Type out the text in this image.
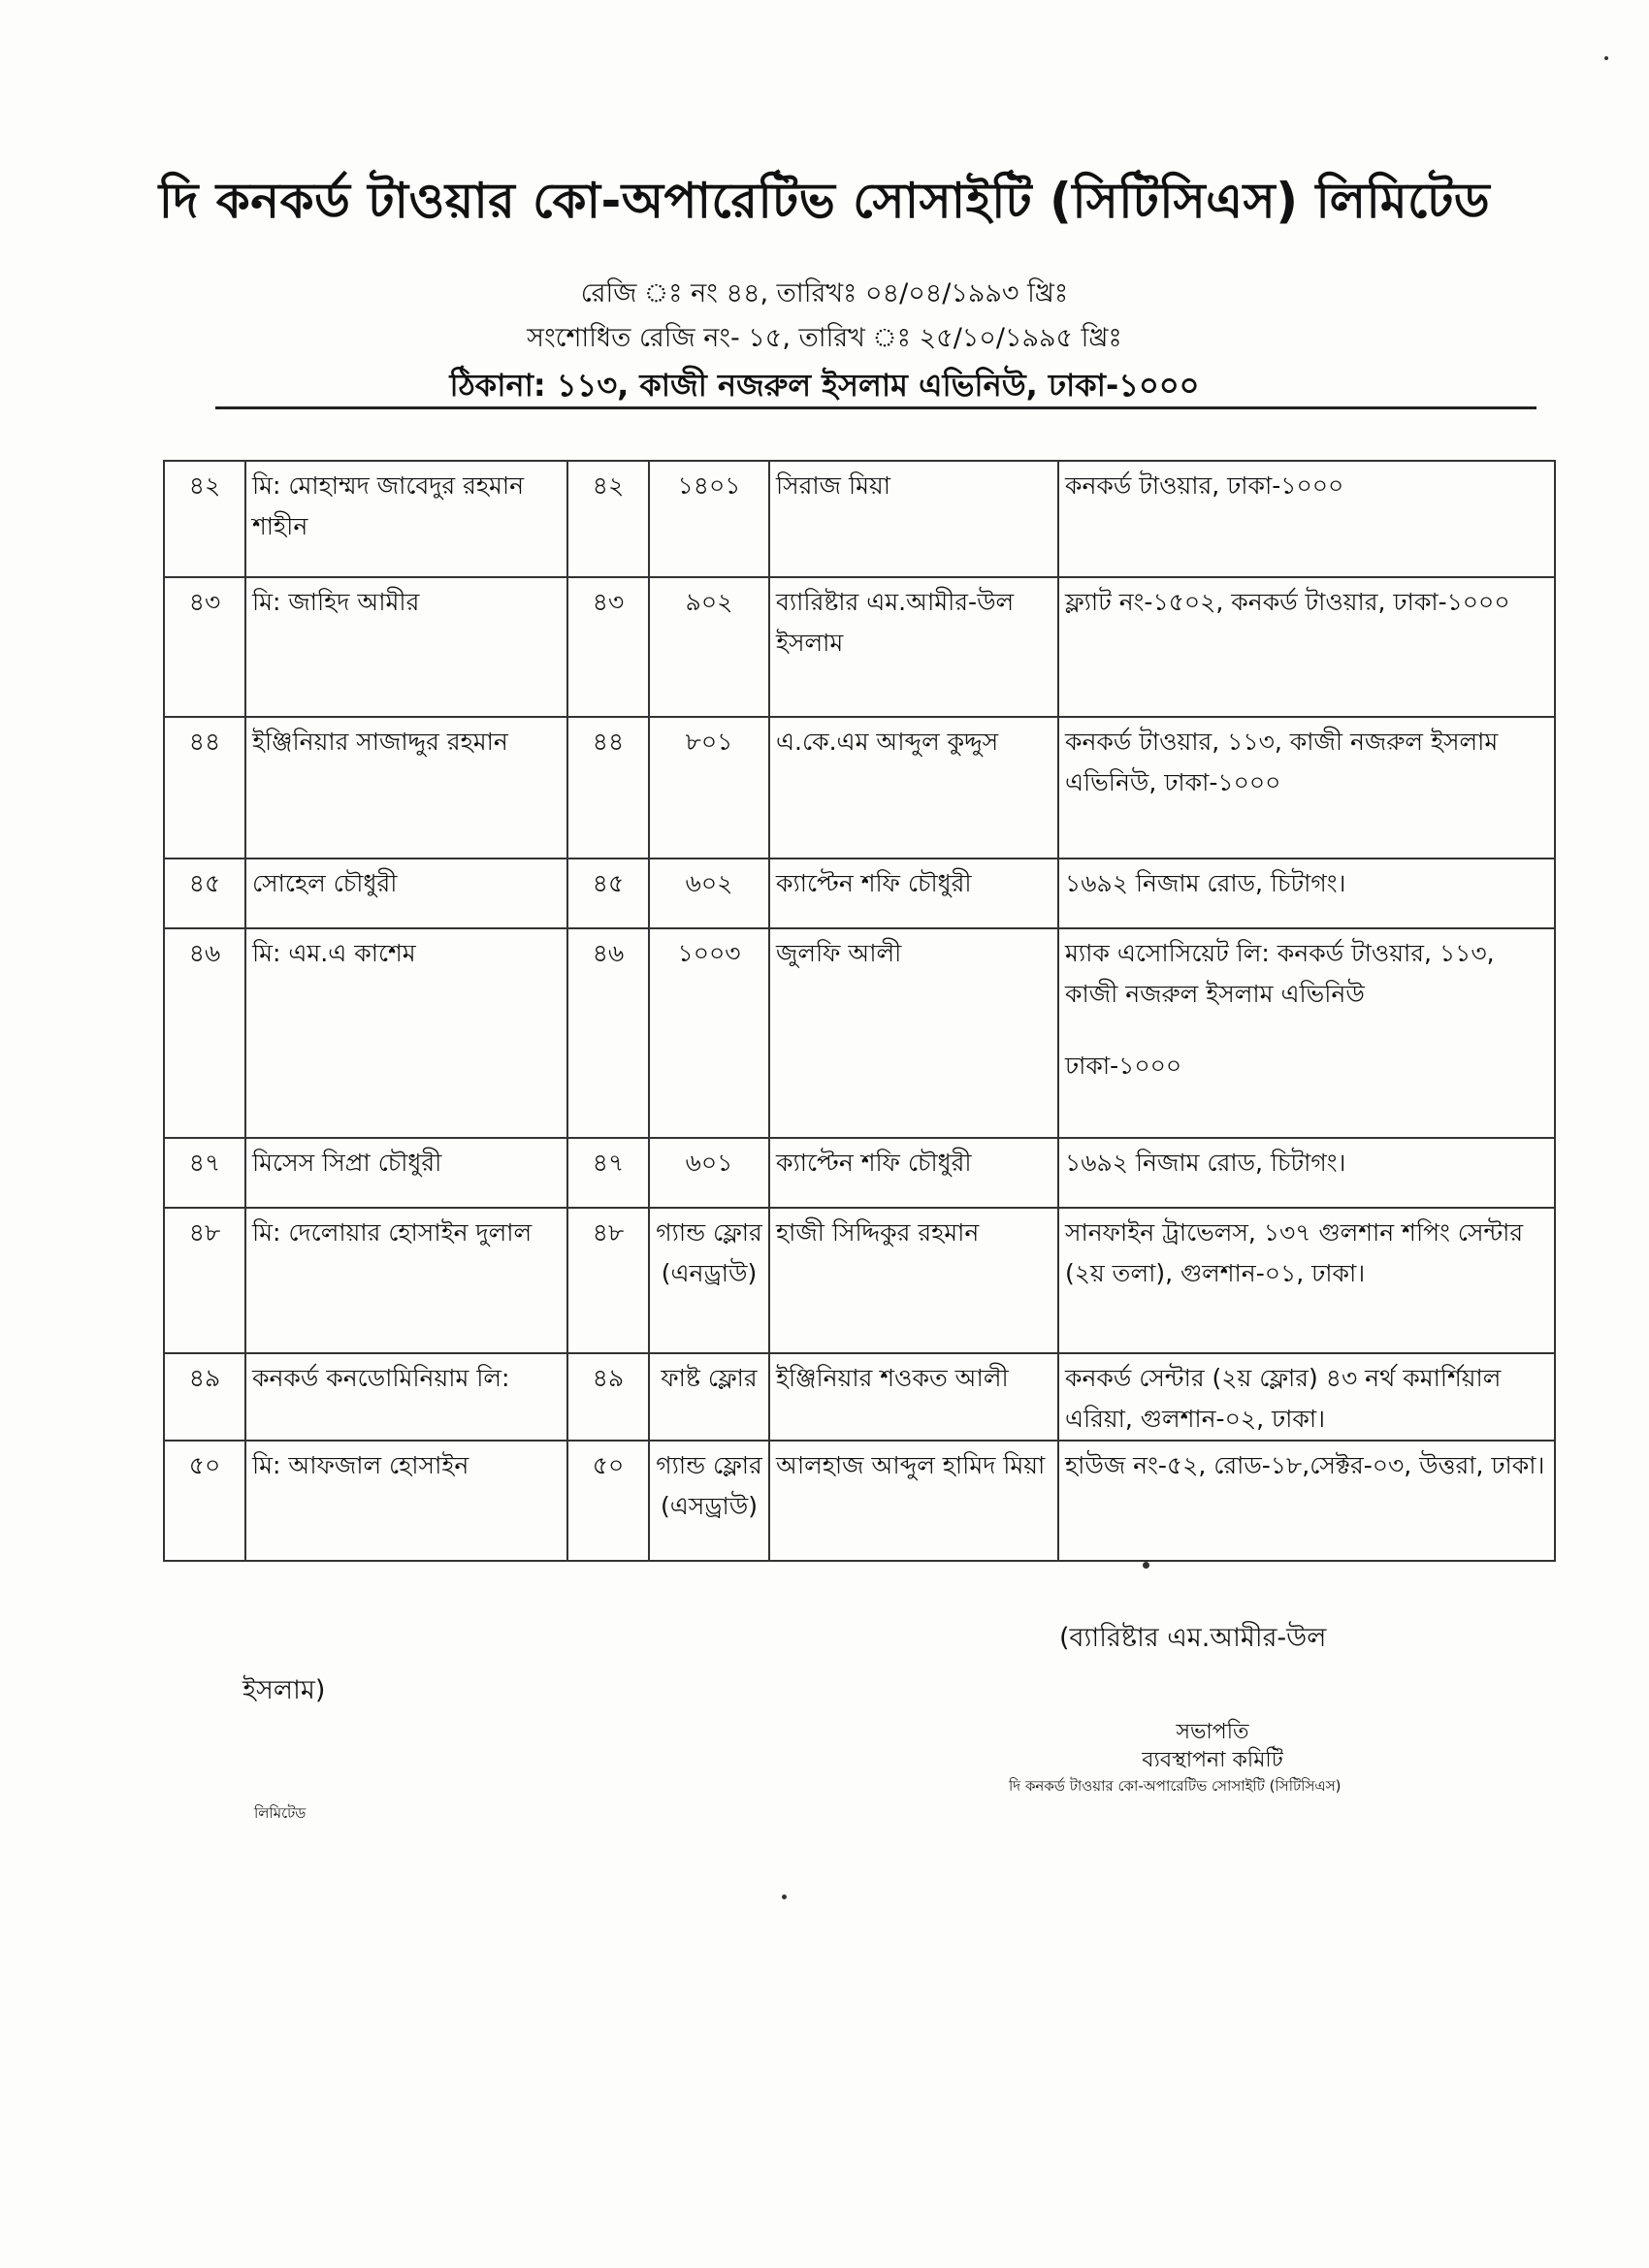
দি কনকর্ড টাওয়ার কো-অপারেটিভ সোসাইটি (সিটিসিএস) লিমিটেড
রেজি ঃ নং ৪৪, তারিখঃ ০৪/০৪/১৯৯৩ খ্রিঃ
সংশোধিত রেজি নং- ১৫, তারিখ ঃ ২৫/১০/১৯৯৫ খ্রিঃ
ঠিকানা: ১১৩, কাজী নজরুল ইসলাম এভিনিউ, ঢাকা-১০০০
৪২	মি: মোহাম্মদ জাবেদুর রহমান শাহীন	৪২	১৪০১	সিরাজ মিয়া	কনকর্ড টাওয়ার, ঢাকা-১০০০
৪৩	মি: জাহিদ আমীর	৪৩	৯০২	ব্যারিষ্টার এম.আমীর-উল ইসলাম	ফ্ল্যাট নং-১৫০২, কনকর্ড টাওয়ার, ঢাকা-১০০০
৪৪	ইঞ্জিনিয়ার সাজাদ্দুর রহমান	৪৪	৮০১	এ.কে.এম আব্দুল কুদ্দুস	কনকর্ড টাওয়ার, ১১৩, কাজী নজরুল ইসলাম এভিনিউ, ঢাকা-১০০০
৪৫	সোহেল চৌধুরী	৪৫	৬০২	ক্যাপ্টেন শফি চৌধুরী	১৬৯২ নিজাম রোড, চিটাগং।
৪৬	মি: এম.এ কাশেম	৪৬	১০০৩	জুলফি আলী	ম্যাক এসোসিয়েট লি: কনকর্ড টাওয়ার, ১১৩, কাজী নজরুল ইসলাম এভিনিউ
ঢাকা-১০০০
৪৭	মিসেস সিপ্রা চৌধুরী	৪৭	৬০১	ক্যাপ্টেন শফি চৌধুরী	১৬৯২ নিজাম রোড, চিটাগং।
৪৮	মি: দেলোয়ার হোসাইন দুলাল	৪৮	গ্যান্ড ফ্লোর (এনড্রাউ)	হাজী সিদ্দিকুর রহমান	সানফাইন ট্রাভেলস, ১৩৭ গুলশান শপিং সেন্টার (২য় তলা), গুলশান-০১, ঢাকা।
৪৯	কনকর্ড কনডোমিনিয়াম লি:	৪৯	ফাষ্ট ফ্লোর	ইঞ্জিনিয়ার শওকত আলী	কনকর্ড সেন্টার (২য় ফ্লোর) ৪৩ নর্থ কমার্শিয়াল এরিয়া, গুলশান-০২, ঢাকা।
৫০	মি: আফজাল হোসাইন	৫০	গ্যান্ড ফ্লোর (এসড্রাউ)	আলহাজ আব্দুল হামিদ মিয়া	হাউজ নং-৫২, রোড-১৮,সেক্টর-০৩, উত্তরা, ঢাকা।
(ব্যারিষ্টার এম.আমীর-উল
ইসলাম)
সভাপতি
ব্যবস্থাপনা কমিটি
দি কনকর্ড টাওয়ার কো-অপারেটিভ সোসাইটি (সিটিসিএস)
লিমিটেড
